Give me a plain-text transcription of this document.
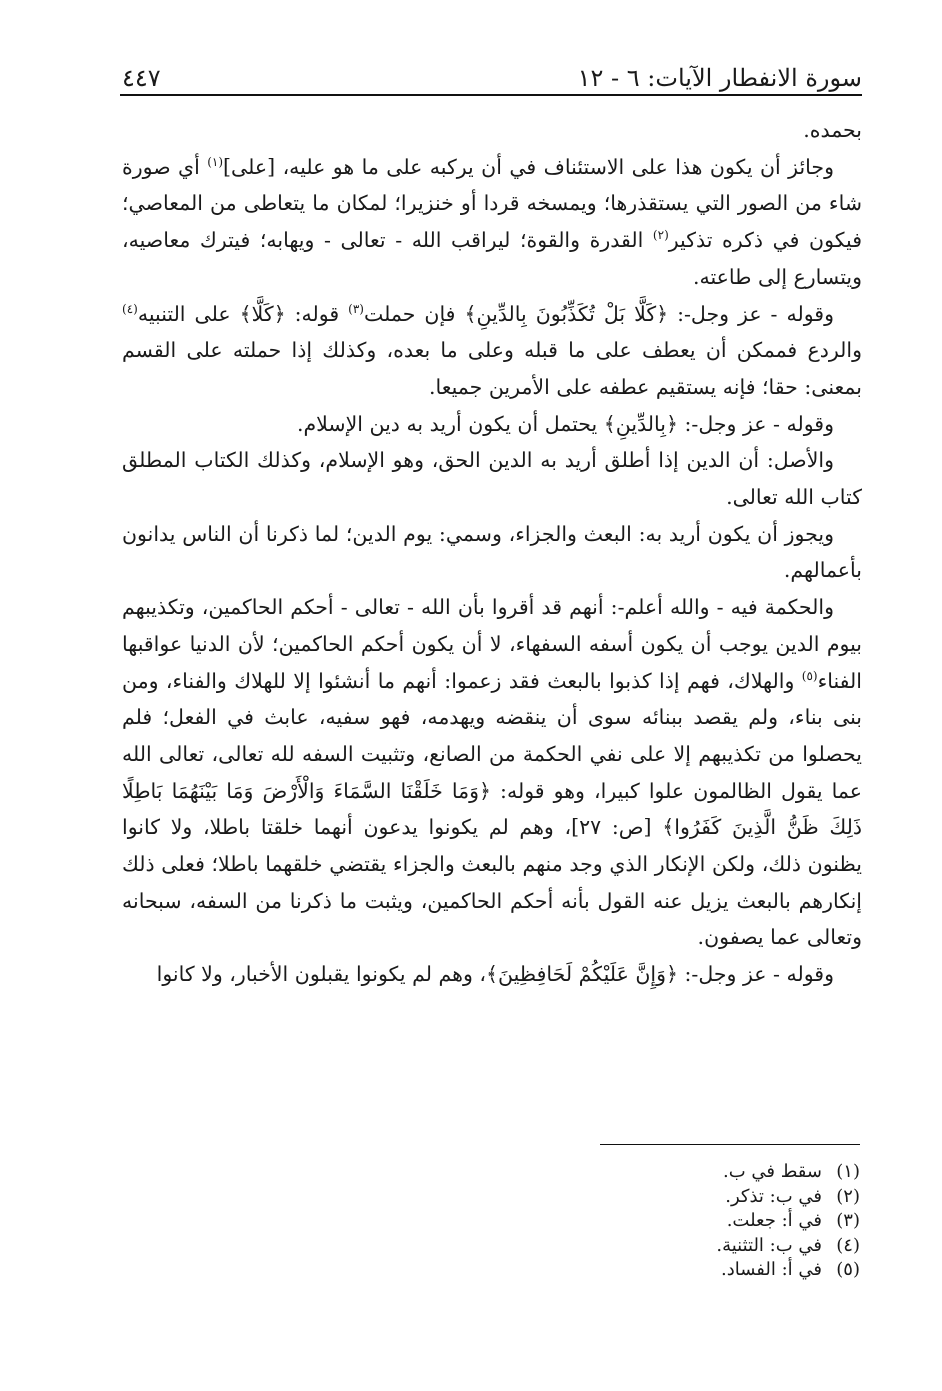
سورة الانفطار الآيات: ٦ - ١٢
٤٤٧

بحمده.

وجائز أن يكون هذا على الاستئناف في أن يركبه على ما هو عليه، [على]$^{(١)}$ أي صورة شاء من الصور التي يستقذرها؛ ويمسخه قردا أو خنزيرا؛ لمكان ما يتعاطى من المعاصي؛ فيكون في ذكره تذكير$^{(٢)}$ القدرة والقوة؛ ليراقب الله - تعالى - ويهابه؛ فيترك معاصيه، ويتسارع إلى طاعته.

وقوله - عز وجل-: ﴿كَلَّا بَلْ تُكَذِّبُونَ بِالدِّينِ﴾ فإن حملت$^{(٣)}$ قوله: ﴿كَلَّا﴾ على التنبيه$^{(٤)}$ والردع فممكن أن يعطف على ما قبله وعلى ما بعده، وكذلك إذا حملته على القسم بمعنى: حقا؛ فإنه يستقيم عطفه على الأمرين جميعا.

وقوله - عز وجل-: ﴿بِالدِّينِ﴾ يحتمل أن يكون أريد به دين الإسلام.

والأصل: أن الدين إذا أطلق أريد به الدين الحق، وهو الإسلام، وكذلك الكتاب المطلق كتاب الله تعالى.

ويجوز أن يكون أريد به: البعث والجزاء، وسمي: يوم الدين؛ لما ذكرنا أن الناس يدانون بأعمالهم.

والحكمة فيه - والله أعلم-: أنهم قد أقروا بأن الله - تعالى - أحكم الحاكمين، وتكذيبهم بيوم الدين يوجب أن يكون أسفه السفهاء، لا أن يكون أحكم الحاكمين؛ لأن الدنيا عواقبها الفناء$^{(٥)}$ والهلاك، فهم إذا كذبوا بالبعث فقد زعموا: أنهم ما أنشئوا إلا للهلاك والفناء، ومن بنى بناء، ولم يقصد ببنائه سوى أن ينقضه ويهدمه، فهو سفيه، عابث في الفعل؛ فلم يحصلوا من تكذيبهم إلا على نفي الحكمة من الصانع، وتثبيت السفه لله تعالى، تعالى الله عما يقول الظالمون علوا كبيرا، وهو قوله: ﴿وَمَا خَلَقْنَا السَّمَاءَ وَالْأَرْضَ وَمَا بَيْنَهُمَا بَاطِلًا ذَلِكَ ظَنُّ الَّذِينَ كَفَرُوا﴾ [ص: ٢٧]، وهم لم يكونوا يدعون أنهما خلقتا باطلا، ولا كانوا يظنون ذلك، ولكن الإنكار الذي وجد منهم بالبعث والجزاء يقتضي خلقهما باطلا؛ فعلى ذلك إنكارهم بالبعث يزيل عنه القول بأنه أحكم الحاكمين، ويثبت ما ذكرنا من السفه، سبحانه وتعالى عما يصفون.

وقوله - عز وجل-: ﴿وَإِنَّ عَلَيْكُمْ لَحَافِظِينَ﴾، وهم لم يكونوا يقبلون الأخبار، ولا كانوا

(١)
سقط في ب.
(٢)
في ب: تذكر.
(٣)
في أ: جعلت.
(٤)
في ب: التثنية.
(٥)
في أ: الفساد.
